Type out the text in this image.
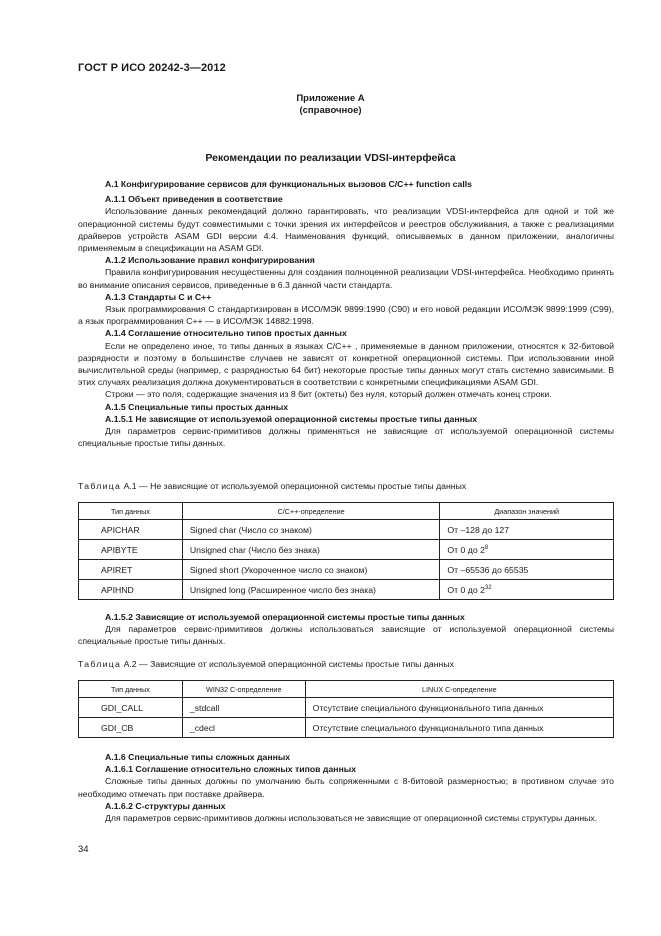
ГОСТ Р ИСО 20242-3—2012
Приложение А
(справочное)
Рекомендации по реализации VDSI-интерфейса

А.1 Конфигурирование сервисов для функциональных вызовов С/С++ function calls

А.1.1 Объект приведения в соответствие

Использование данных рекомендаций должно гарантировать, что реализации VDSI-интерфейса для одной и той же операционной системы будут совместимыми с точки зрения их интерфейсов и реестров обслуживания, а также с реализациями драйверов устройств ASAM GDI версии 4.4. Наименования функций, описываемых в данном приложении, аналогичны применяемым в спецификации на ASAM GDI.

А.1.2 Использование правил конфигурирования

Правила конфигурирования несущественны для создания полноценной реализации VDSI-интерфейса. Необходимо принять во внимание описания сервисов, приведенные в 6.3 данной части стандарта.

А.1.3 Стандарты С и С++

Язык программирования С стандартизирован в ИСО/МЭК 9899:1990 (С90) и его новой редакции ИСО/МЭК 9899:1999 (С99), а язык программирования С++ — в ИСО/МЭК 14882:1998.

А.1.4 Соглашение относительно типов простых данных

Если не определено иное, то типы данных в языках С/С++ , применяемые в данном приложении, относятся к 32-битовой разрядности и поэтому в большинстве случаев не зависят от конкретной операционной системы. При использовании иной вычислительной среды (например, с разрядностью 64 бит) некоторые простые типы данных могут стать системно зависимыми. В этих случаях реализация должна документироваться в соответствии с конкретными спецификациями ASAM GDI.

Строки — это поля, содержащие значения из 8 бит (октеты) без нуля, который должен отмечать конец строки.

А.1.5 Специальные типы простых данных

А.1.5.1 Не зависящие от используемой операционной системы простые типы данных

Для параметров сервис-примитивов должны применяться не зависящие от используемой операционной системы специальные простые типы данных.

Таблица А.1 — Не зависящие от используемой операционной системы простые типы данных
Тип данных	С/С++-определение	Диапазон значений
APICHAR	Signed char (Число со знаком)	От –128 до 127
APIBYTE	Unsigned char (Число без знака)	От 0 до $2^8$
APIRET	Signed short (Укороченное число со знаком)	От –65536 до 65535
APIHND	Unsigned long (Расширенное число без знака)	От 0 до $2^{32}$

А.1.5.2 Зависящие от используемой операционной системы простые типы данных

Для параметров сервис-примитивов должны использоваться зависящие от используемой операционной системы специальные простые типы данных.

Таблица А.2 — Зависящие от используемой операционной системы простые типы данных
Тип данных	WIN32 С-определение	LINUX С-определение
GDI_CALL	_stdcall	Отсутствие специального функционального типа данных
GDI_CB	_cdecl	Отсутствие специального функционального типа данных

А.1.6 Специальные типы сложных данных

А.1.6.1 Соглашение относительно сложных типов данных

Сложные типы данных должны по умолчанию быть сопряженными с 8-битовой размерностью; в противном случае это необходимо отмечать при поставке драйвера.

А.1.6.2 С-структуры данных

Для параметров сервис-примитивов должны использоваться не зависящие от операционной системы структуры данных.

34
